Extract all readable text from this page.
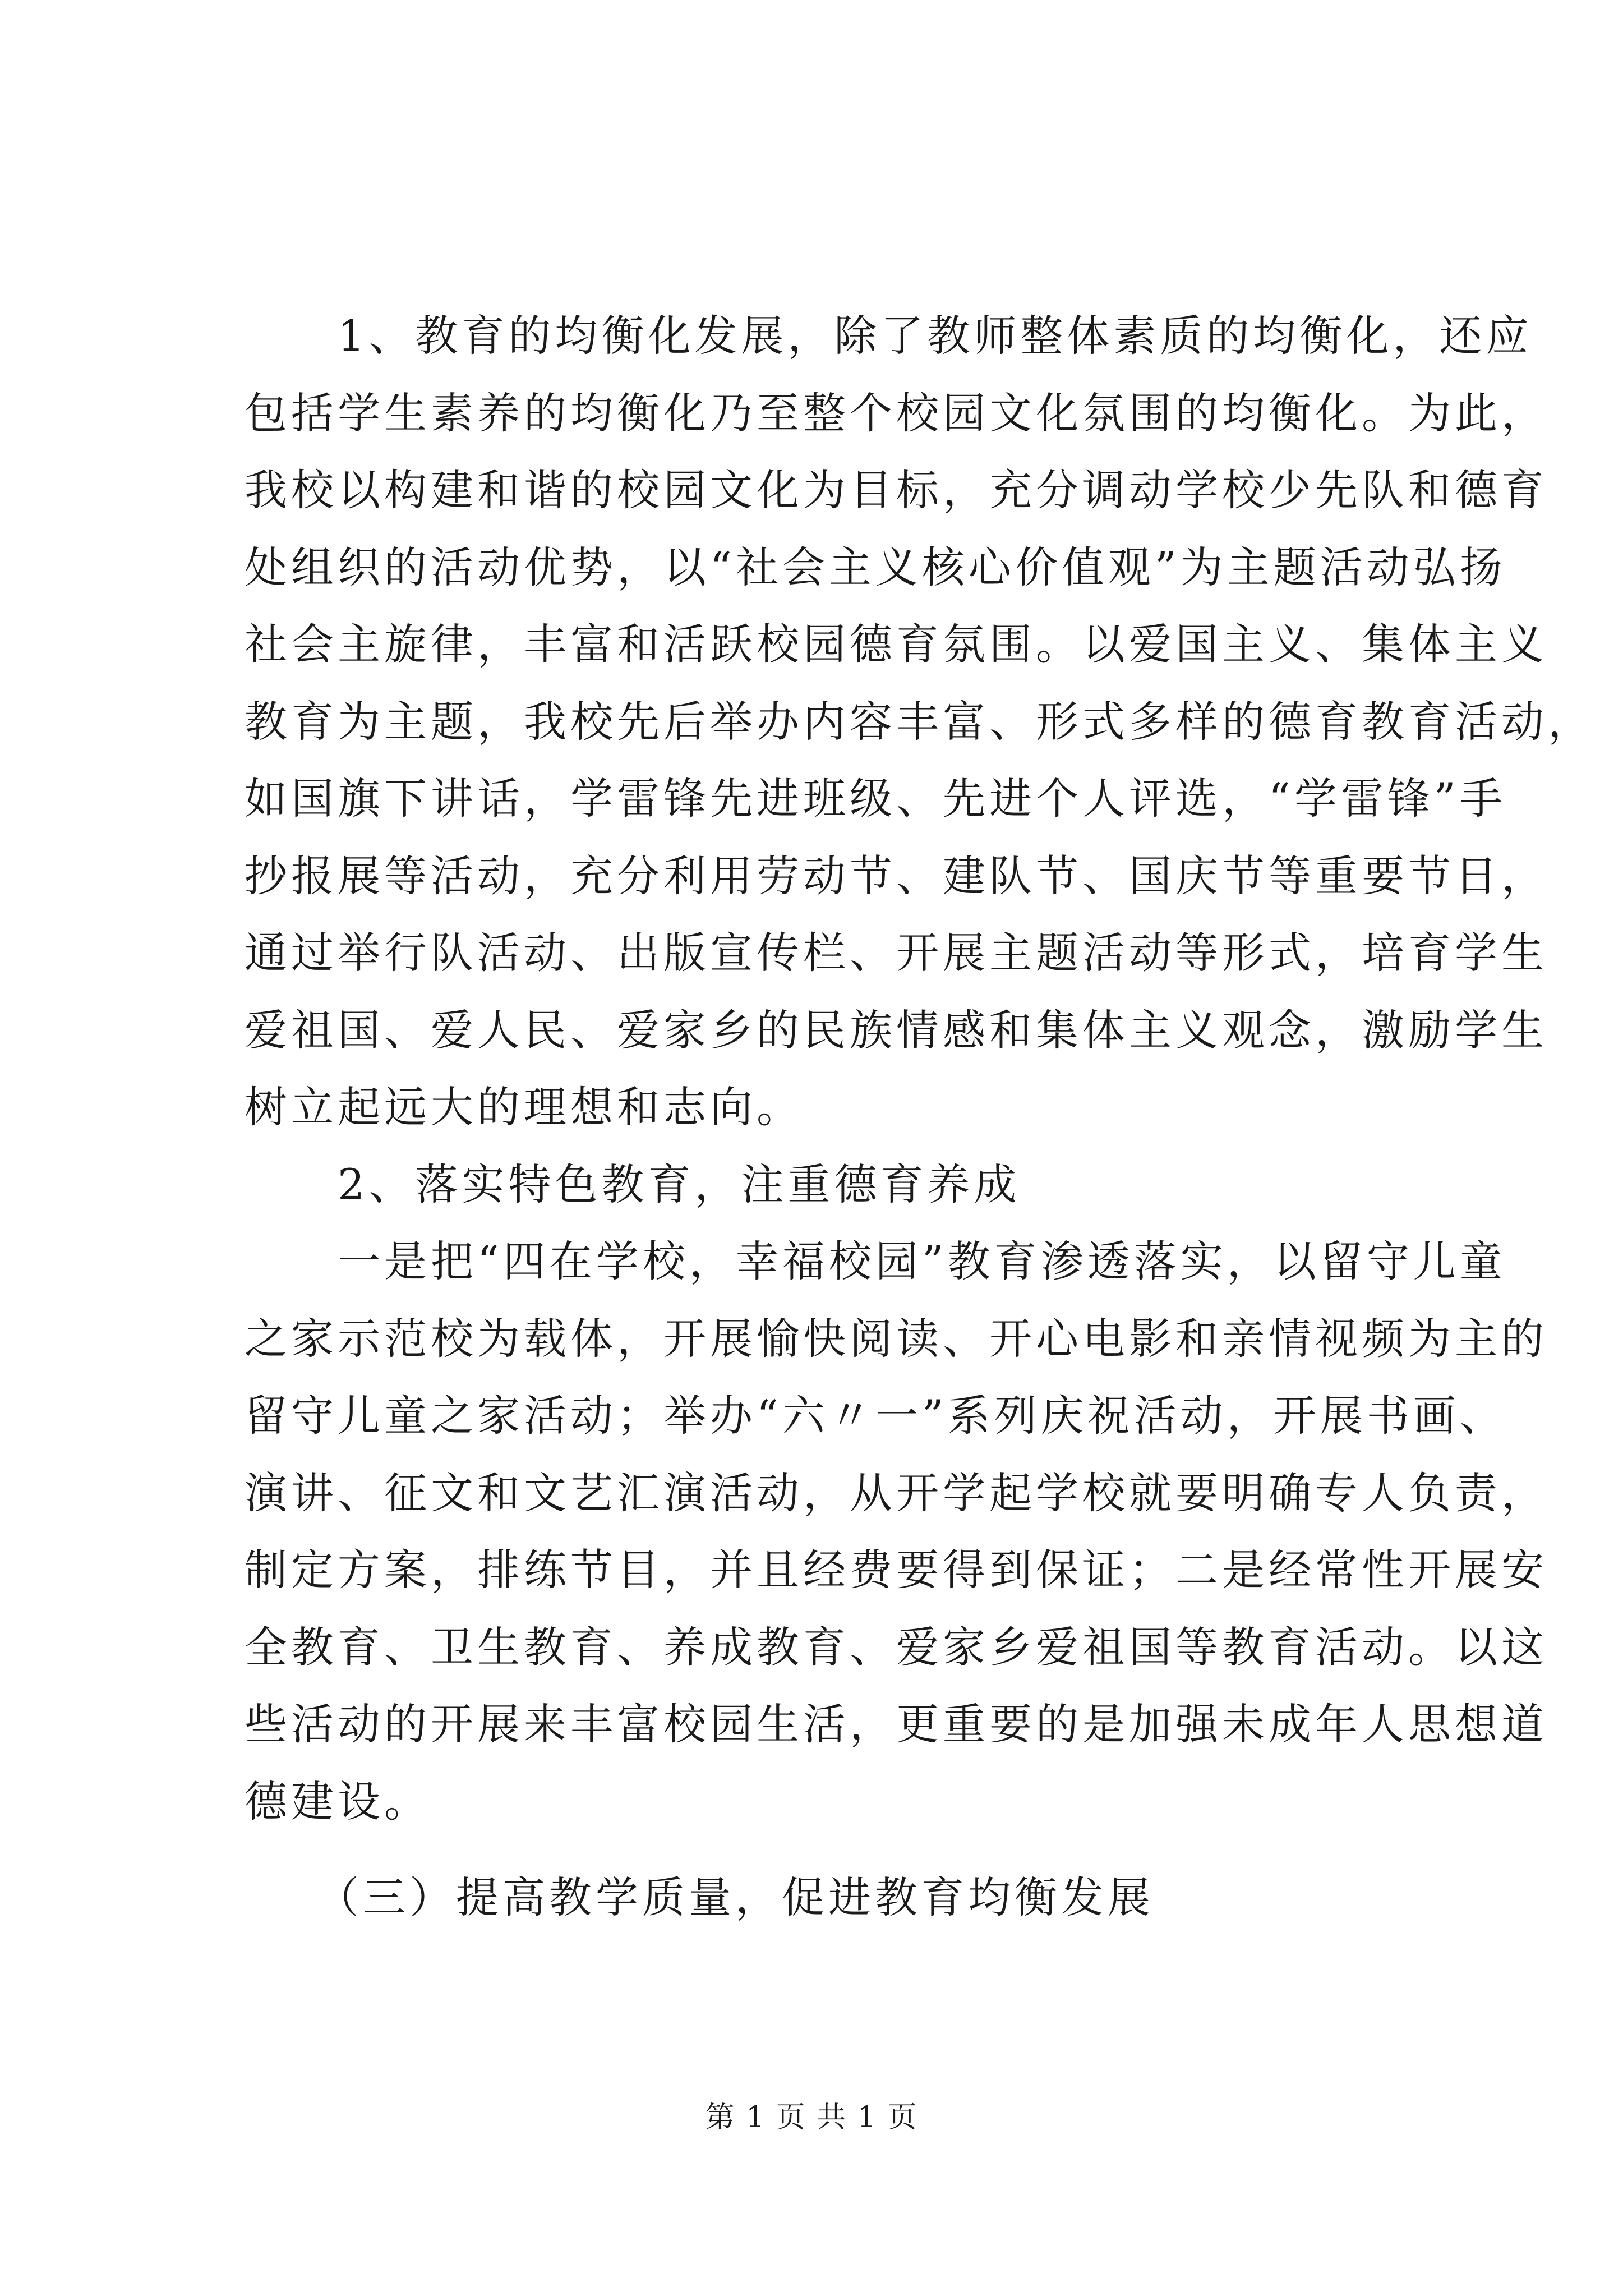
　　1、教育的均衡化发展，除了教师整体素质的均衡化，还应
包括学生素养的均衡化乃至整个校园文化氛围的均衡化。为此，
我校以构建和谐的校园文化为目标，充分调动学校少先队和德育
处组织的活动优势，以“社会主义核心价值观”为主题活动弘扬
社会主旋律，丰富和活跃校园德育氛围。以爱国主义、集体主义
教育为主题，我校先后举办内容丰富、形式多样的德育教育活动，
如国旗下讲话，学雷锋先进班级、先进个人评选，“学雷锋”手
抄报展等活动，充分利用劳动节、建队节、国庆节等重要节日，
通过举行队活动、出版宣传栏、开展主题活动等形式，培育学生
爱祖国、爱人民、爱家乡的民族情感和集体主义观念，激励学生
树立起远大的理想和志向。
　　2、落实特色教育，注重德育养成
　　一是把“四在学校，幸福校园”教育渗透落实，以留守儿童
之家示范校为载体，开展愉快阅读、开心电影和亲情视频为主的
留守儿童之家活动；举办“六〃一”系列庆祝活动，开展书画、
演讲、征文和文艺汇演活动，从开学起学校就要明确专人负责，
制定方案，排练节目，并且经费要得到保证；二是经常性开展安
全教育、卫生教育、养成教育、爱家乡爱祖国等教育活动。以这
些活动的开展来丰富校园生活，更重要的是加强未成年人思想道
德建设。
　　（三）提高教学质量，促进教育均衡发展
第 1 页 共 1 页
